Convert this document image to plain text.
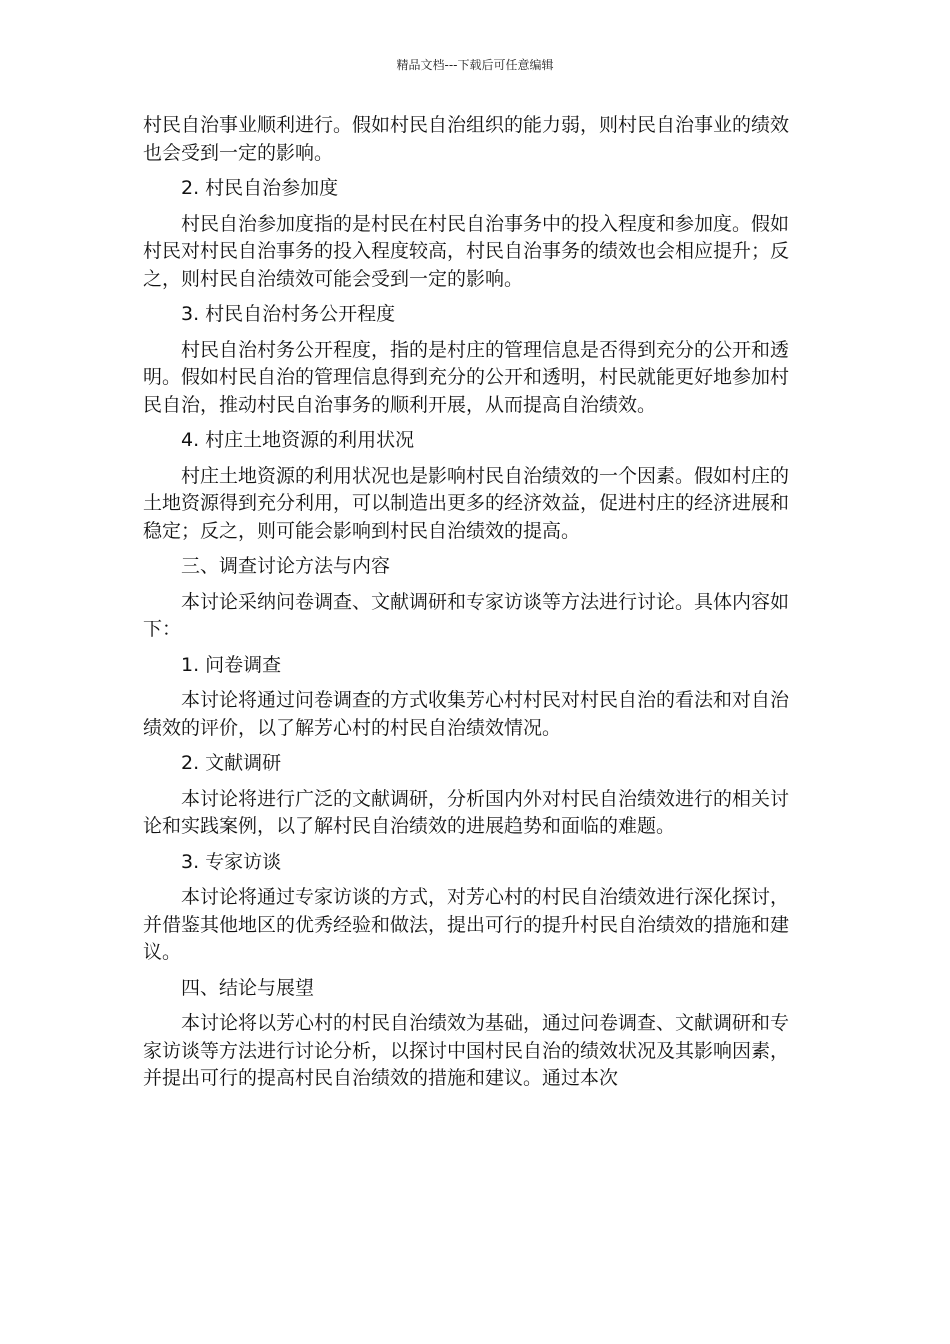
精品文档---下载后可任意编辑

村民自治事业顺利进行。假如村民自治组织的能力弱，则村民自治事业的绩效也会受到一定的影响。

2. 村民自治参加度

村民自治参加度指的是村民在村民自治事务中的投入程度和参加度。假如村民对村民自治事务的投入程度较高，村民自治事务的绩效也会相应提升；反之，则村民自治绩效可能会受到一定的影响。

3. 村民自治村务公开程度

村民自治村务公开程度，指的是村庄的管理信息是否得到充分的公开和透明。假如村民自治的管理信息得到充分的公开和透明，村民就能更好地参加村民自治，推动村民自治事务的顺利开展，从而提高自治绩效。

4. 村庄土地资源的利用状况

村庄土地资源的利用状况也是影响村民自治绩效的一个因素。假如村庄的土地资源得到充分利用，可以制造出更多的经济效益，促进村庄的经济进展和稳定；反之，则可能会影响到村民自治绩效的提高。

三、调查讨论方法与内容

本讨论采纳问卷调查、文献调研和专家访谈等方法进行讨论。具体内容如下：

1. 问卷调查

本讨论将通过问卷调查的方式收集芳心村村民对村民自治的看法和对自治绩效的评价，以了解芳心村的村民自治绩效情况。

2. 文献调研

本讨论将进行广泛的文献调研，分析国内外对村民自治绩效进行的相关讨论和实践案例，以了解村民自治绩效的进展趋势和面临的难题。

3. 专家访谈

本讨论将通过专家访谈的方式，对芳心村的村民自治绩效进行深化探讨，并借鉴其他地区的优秀经验和做法，提出可行的提升村民自治绩效的措施和建议。

四、结论与展望

本讨论将以芳心村的村民自治绩效为基础，通过问卷调查、文献调研和专家访谈等方法进行讨论分析，以探讨中国村民自治的绩效状况及其影响因素，并提出可行的提高村民自治绩效的措施和建议。通过本次
